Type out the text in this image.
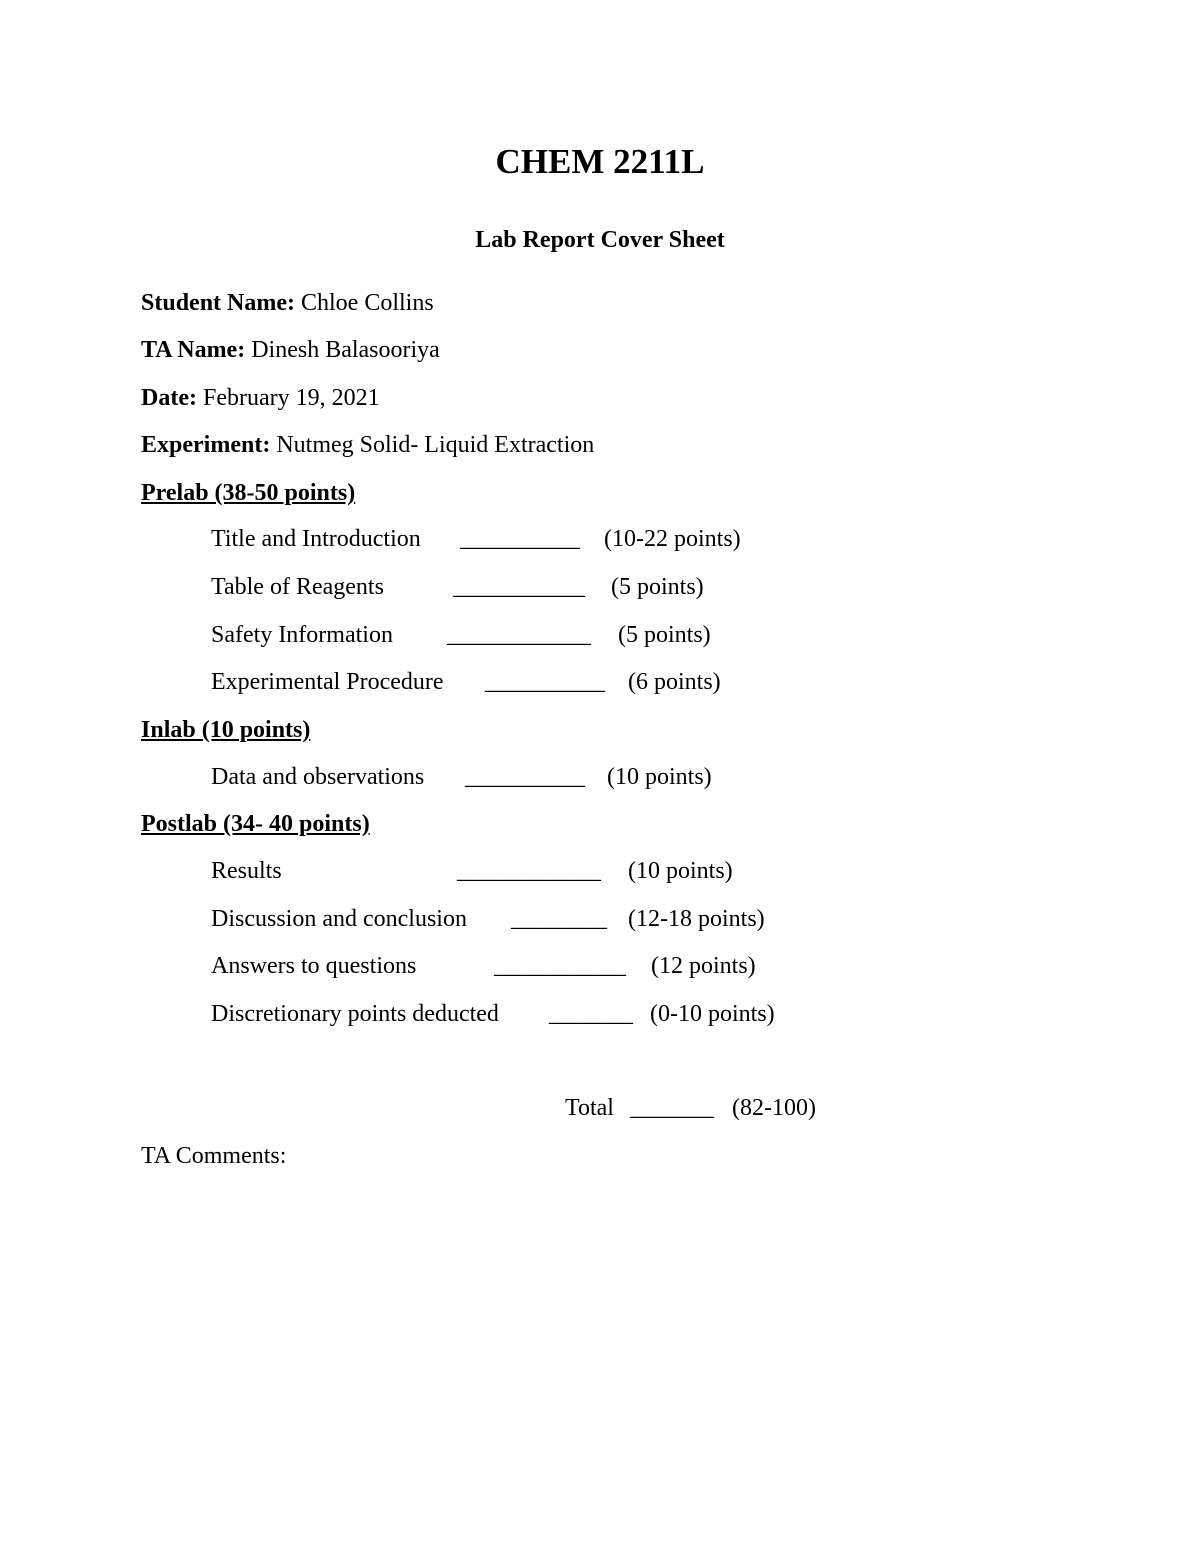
CHEM 2211L
Lab Report Cover Sheet
Student Name: Chloe Collins
TA Name: Dinesh Balasooriya
Date: February 19, 2021
Experiment: Nutmeg Solid- Liquid Extraction
Prelab (38-50 points)
Title and Introduction __________ (10-22 points)
Table of Reagents	___________ (5 points)
Safety Information ____________ (5 points)
Experimental Procedure __________ (6 points)
Inlab (10 points)
Data and observations __________ (10 points)
Postlab (34- 40 points)
Results	____________ (10 points)
Discussion and conclusion ________ (12-18 points)
Answers to questions	___________ (12 points)
Discretionary points deducted _______ (0-10 points)
Total _______ (82-100)
TA Comments:
